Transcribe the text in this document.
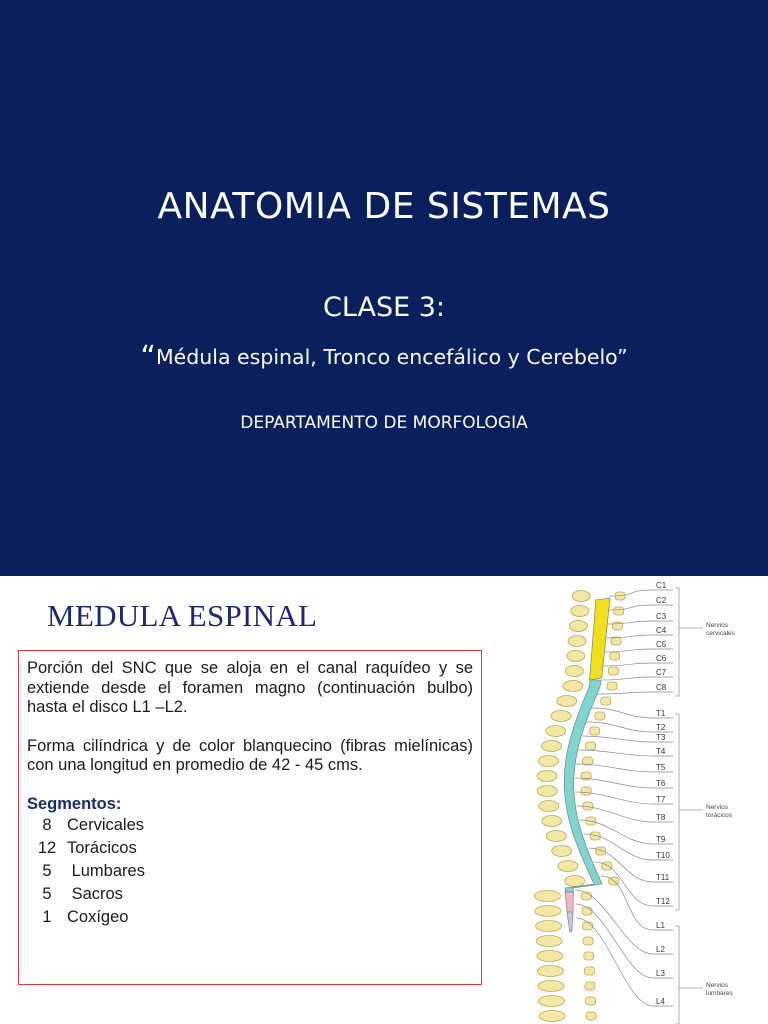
ANATOMIA DE SISTEMAS
CLASE 3:
“Médula espinal, Tronco encefálico y Cerebelo”
DEPARTAMENTO DE MORFOLOGIA
MEDULA ESPINAL

Porción del SNC que se aloja en el canal raquídeo y se extiende desde el foramen magno (continuación bulbo) hasta el disco L1 –L2.

Forma cilíndrica y de color blanquecino (fibras mielínicas) con una longitud en promedio de 42 - 45 cms.

Segmentos:
8 Cervicales
12 Torácicos
5 Lumbares
5 Sacros
1 Coxígeo
C1
C2
C3
C4
C5
C6
C7
C8
T1
T2
T3
T4
T5
T6
T7
T8
T9
T10
T11
T12
L1
L2
L3
L4
Nervios
cervicales
Nervios
torácicos
Nervios
lumbares
